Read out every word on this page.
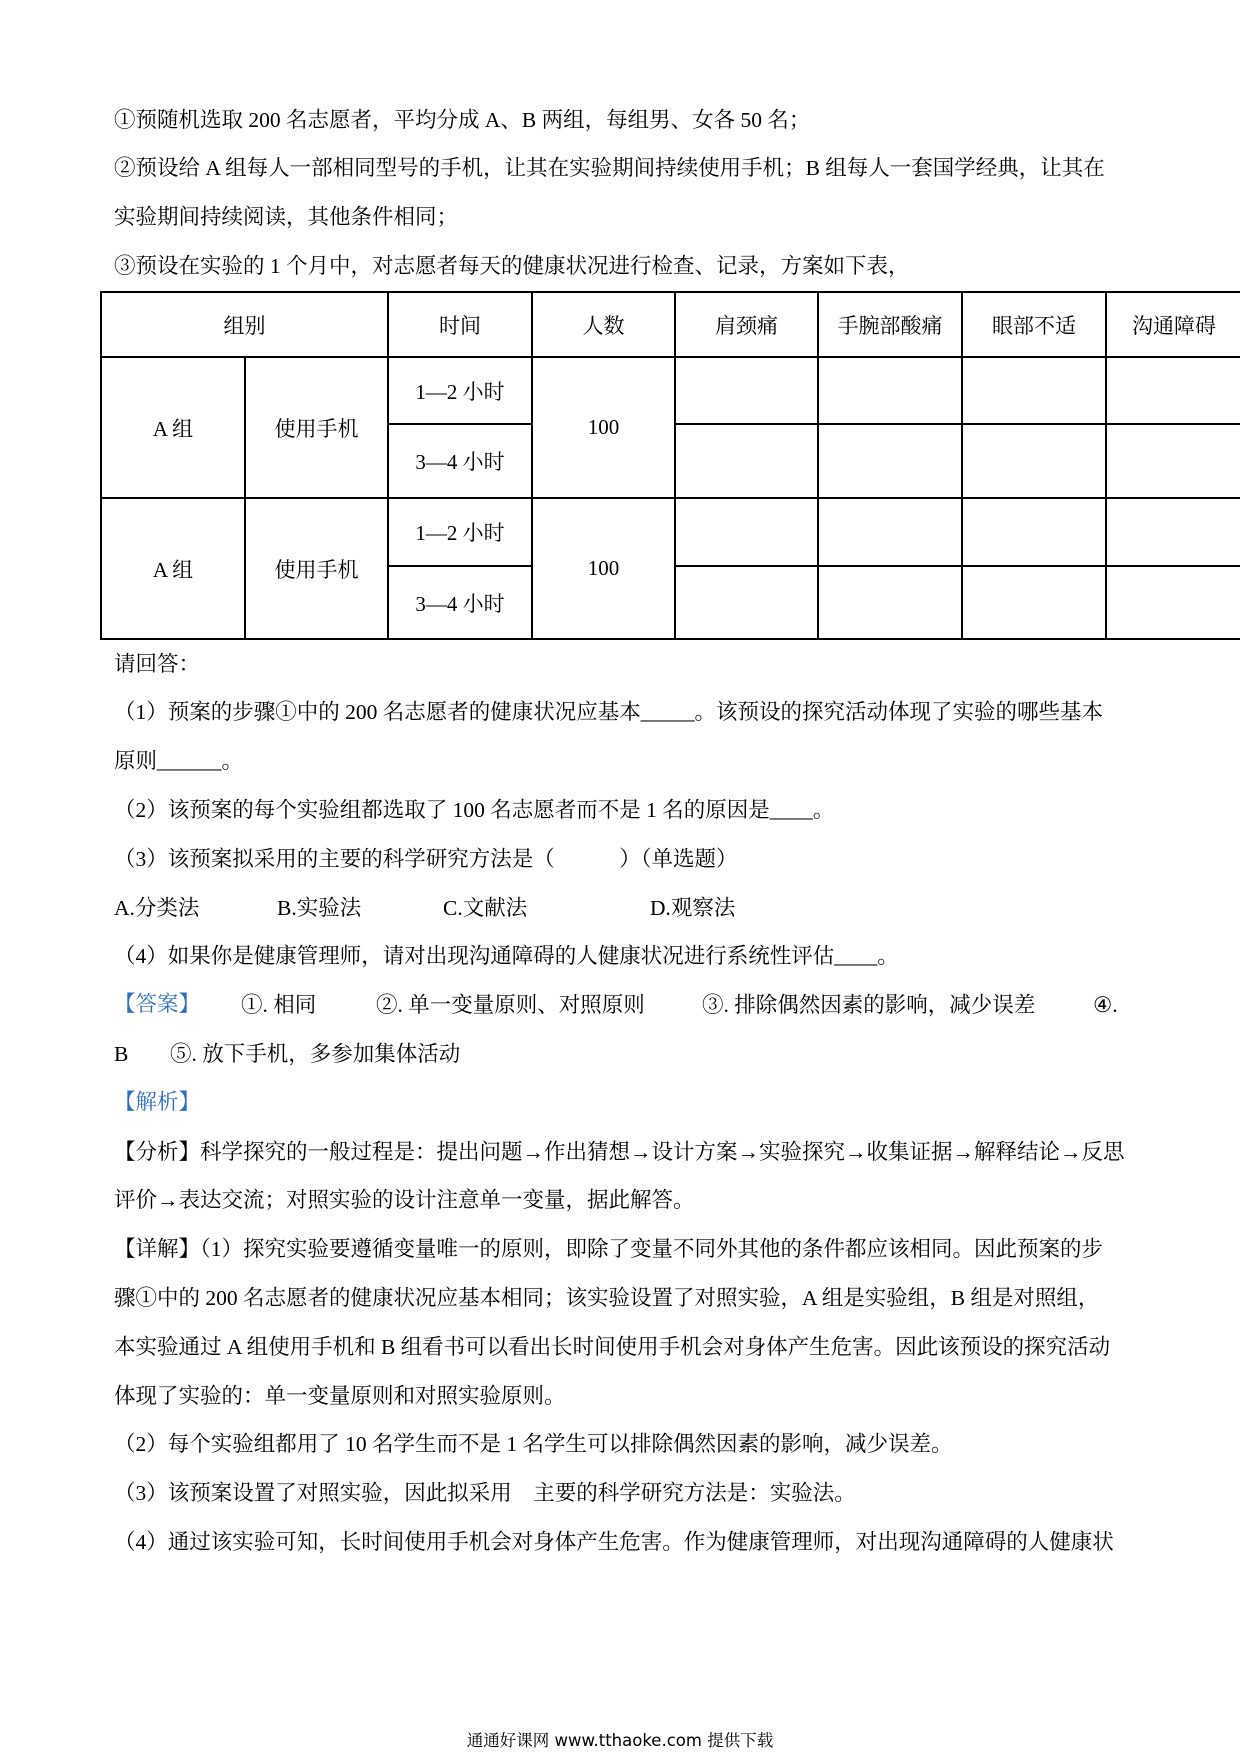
①预随机选取 200 名志愿者，平均分成 A、B 两组，每组男、女各 50 名；
②预设给 A 组每人一部相同型号的手机，让其在实验期间持续使用手机；B 组每人一套国学经典，让其在
实验期间持续阅读，其他条件相同；
③预设在实验的 1 个月中，对志愿者每天的健康状况进行检查、记录，方案如下表，
组别		时间	人数	肩颈痛	手腕部酸痛	眼部不适	沟通障碍
A 组	使用手机	1—2 小时	100				
		3—4 小时					
A 组	使用手机	1—2 小时	100				
		3—4 小时					
请回答：
（1）预案的步骤①中的 200 名志愿者的健康状况应基本_____。该预设的探究活动体现了实验的哪些基本
原则______。
（2）该预案的每个实验组都选取了 100 名志愿者而不是 1 名的原因是____。
（3）该预案拟采用的主要的科学研究方法是（　　　）（单选题）
A.分类法	B.实验法	C.文献法	D.观察法
（4）如果你是健康管理师，请对出现沟通障碍的人健康状况进行系统性评估____。
【答案】 ①. 相同	②. 单一变量原则、对照原则	③. 排除偶然因素的影响，减少误差	④.
B ⑤. 放下手机，多参加集体活动
【解析】
【分析】科学探究的一般过程是：提出问题→作出猜想→设计方案→实验探究→收集证据→解释结论→反思
评价→表达交流；对照实验的设计注意单一变量，据此解答。
【详解】（1）探究实验要遵循变量唯一的原则，即除了变量不同外其他的条件都应该相同。因此预案的步
骤①中的 200 名志愿者的健康状况应基本相同；该实验设置了对照实验，A 组是实验组，B 组是对照组，
本实验通过 A 组使用手机和 B 组看书可以看出长时间使用手机会对身体产生危害。因此该预设的探究活动
体现了实验的：单一变量原则和对照实验原则。
（2）每个实验组都用了 10 名学生而不是 1 名学生可以排除偶然因素的影响，减少误差。
（3）该预案设置了对照实验，因此拟采用　主要的科学研究方法是：实验法。
（4）通过该实验可知，长时间使用手机会对身体产生危害。作为健康管理师，对出现沟通障碍的人健康状
通通好课网 www.tthaoke.com 提供下载
